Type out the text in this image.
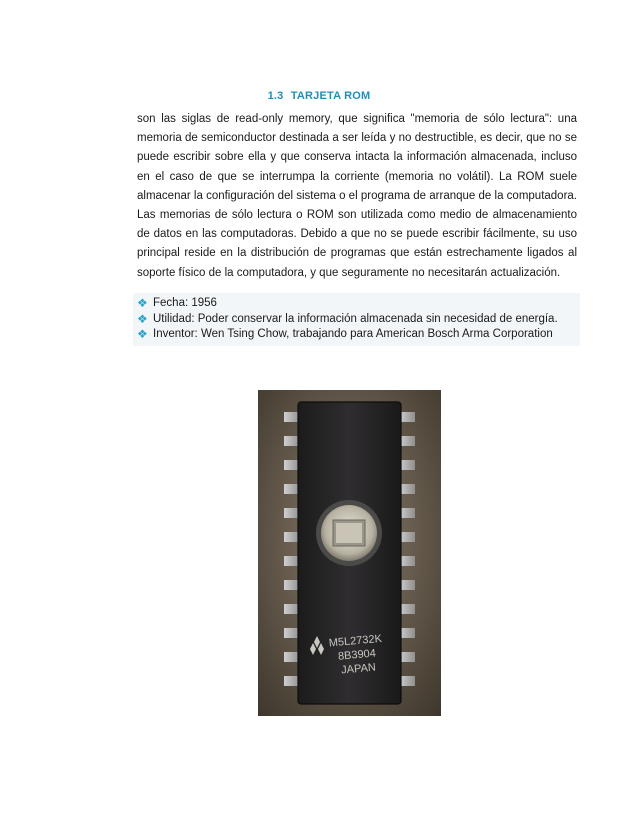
1.3 TARJETA ROM

son las siglas de read-only memory, que significa "memoria de sólo lectura": una memoria de semiconductor destinada a ser leída y no destructible, es decir, que no se puede escribir sobre ella y que conserva intacta la información almacenada, incluso en el caso de que se interrumpa la corriente (memoria no volátil). La ROM suele almacenar la configuración del sistema o el programa de arranque de la computadora. Las memorias de sólo lectura o ROM son utilizada como medio de almacenamiento de datos en las computadoras. Debido a que no se puede escribir fácilmente, su uso principal reside en la distribución de programas que están estrechamente ligados al soporte físico de la computadora, y que seguramente no necesitarán actualización.

❖ Fecha: 1956
❖ Utilidad: Poder conservar la información almacenada sin necesidad de energía.
❖ Inventor: Wen Tsing Chow, trabajando para American Bosch Arma Corporation
M5L2732K
8B3904
JAPAN
